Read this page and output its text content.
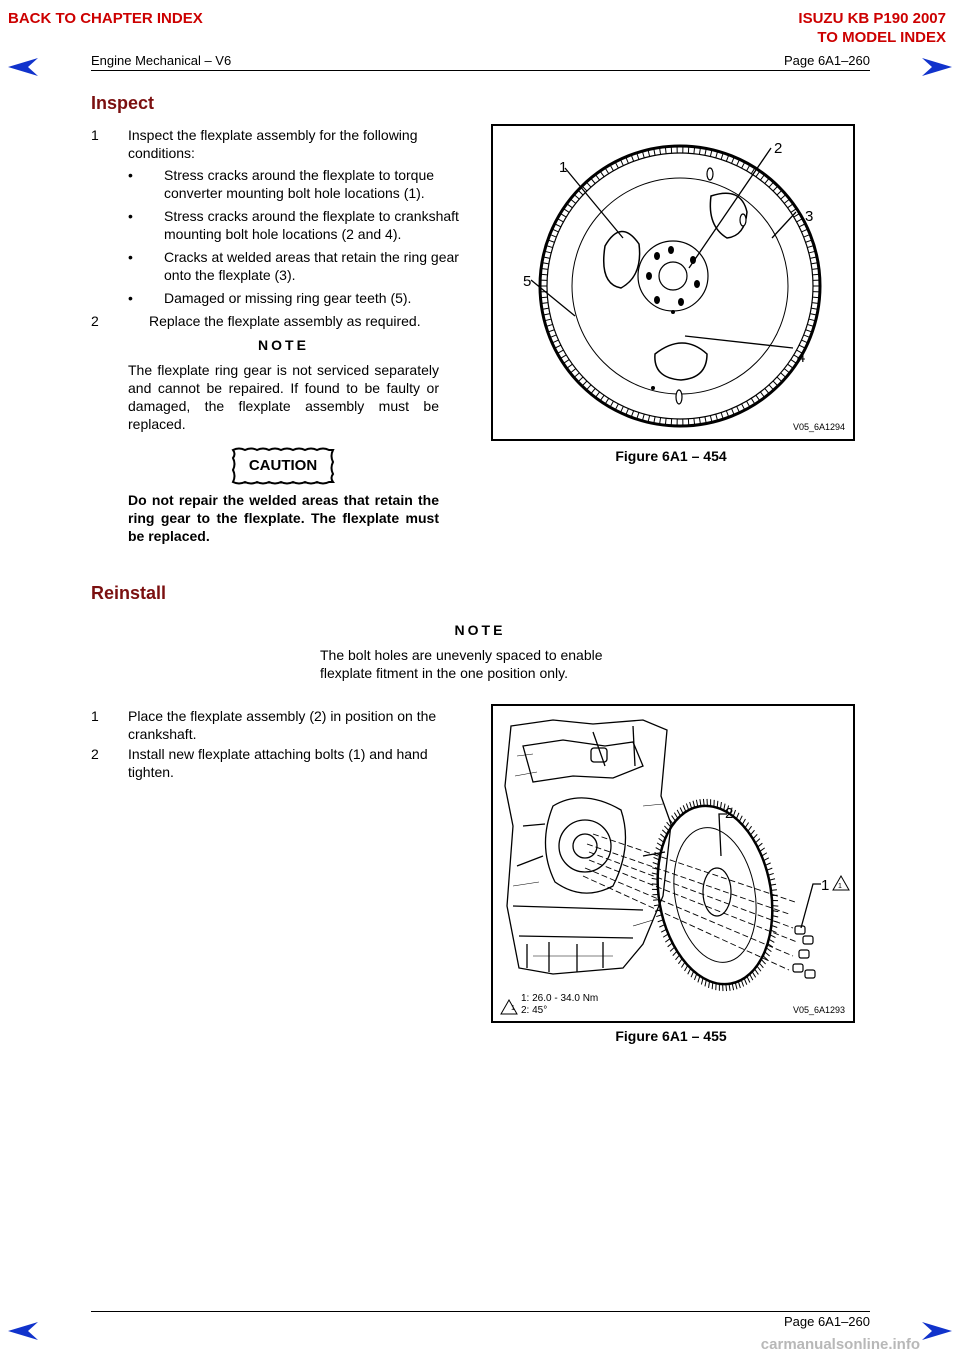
BACK TO CHAPTER INDEX	ISUZU KB P190 2007
TO MODEL INDEX
Engine Mechanical – V6	Page 6A1–260
Inspect
1 Inspect the flexplate assembly for the following
conditions:
• Stress cracks around the flexplate to torque
converter mounting bolt hole locations (1).
• Stress cracks around the flexplate to crankshaft
mounting bolt hole locations (2 and 4).
• Cracks at welded areas that retain the ring gear
onto the flexplate (3).
• Damaged or missing ring gear teeth (5).
2	Replace the flexplate assembly as required.
NOTE
The flexplate ring gear is not serviced separately and cannot be repaired. If found to be faulty or damaged, the flexplate assembly must be replaced.
CAUTION
Do not repair the welded areas that retain the ring gear to the flexplate. The flexplate must be replaced.
1
2
3
4
5
V05_6A1294
Figure 6A1 – 454
Reinstall
NOTE
The bolt holes are unevenly spaced to enable
flexplate fitment in the one position only.
1 Place the flexplate assembly (2) in position on the
crankshaft.
2 Install new flexplate attaching bolts (1) and hand
tighten.
2
1 1
1
1: 26.0 - 34.0 Nm
2: 45°	V05_6A1293
Figure 6A1 – 455
Page 6A1–260
carmanualsonline.info
